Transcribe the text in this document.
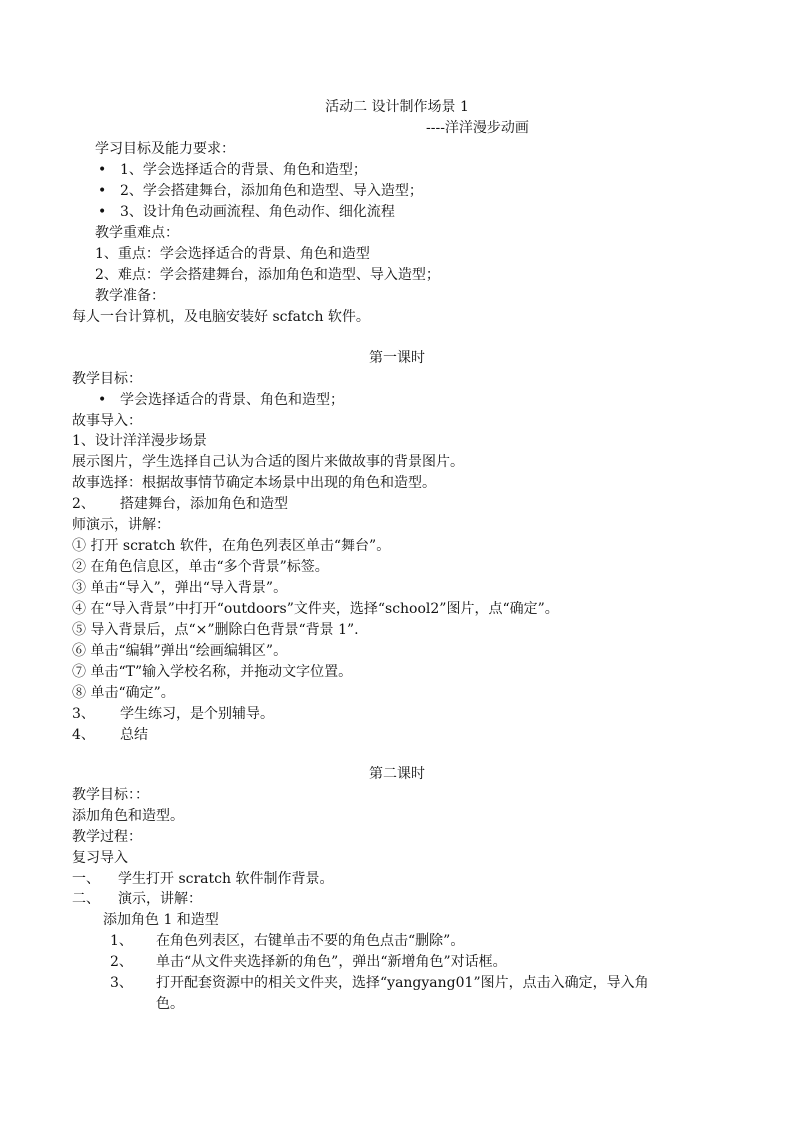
活动二 设计制作场景 1
----洋洋漫步动画
学习目标及能力要求：
• 1、学会选择适合的背景、角色和造型；
• 2、学会搭建舞台，添加角色和造型、导入造型；
• 3、设计角色动画流程、角色动作、细化流程
教学重难点：
1、重点：学会选择适合的背景、角色和造型
2、难点：学会搭建舞台，添加角色和造型、导入造型；
教学准备：
每人一台计算机，及电脑安装好 scfatch 软件。
第一课时
教学目标：
• 学会选择适合的背景、角色和造型；
故事导入：
1、设计洋洋漫步场景
展示图片，学生选择自己认为合适的图片来做故事的背景图片。
故事选择：根据故事情节确定本场景中出现的角色和造型。
2、 搭建舞台，添加角色和造型
师演示，讲解：
① 打开 scratch 软件，在角色列表区单击“舞台”。
② 在角色信息区，单击“多个背景”标签。
③ 单击“导入”，弹出“导入背景”。
④ 在“导入背景”中打开“outdoors”文件夹，选择“school2”图片，点“确定”。
⑤ 导入背景后，点“×”删除白色背景“背景 1”.
⑥ 单击“编辑”弹出“绘画编辑区”。
⑦ 单击“T”输入学校名称，并拖动文字位置。
⑧ 单击“确定”。
3、 学生练习，是个别辅导。
4、 总结
第二课时
教学目标：：
添加角色和造型。
教学过程：
复习导入
一、 学生打开 scratch 软件制作背景。
二、 演示，讲解：
添加角色 1 和造型
1、 在角色列表区，右键单击不要的角色点击“删除”。
2、 单击“从文件夹选择新的角色”，弹出“新增角色”对话框。
3、 打开配套资源中的相关文件夹，选择“yangyang01”图片，点击入确定，导入角
色。
